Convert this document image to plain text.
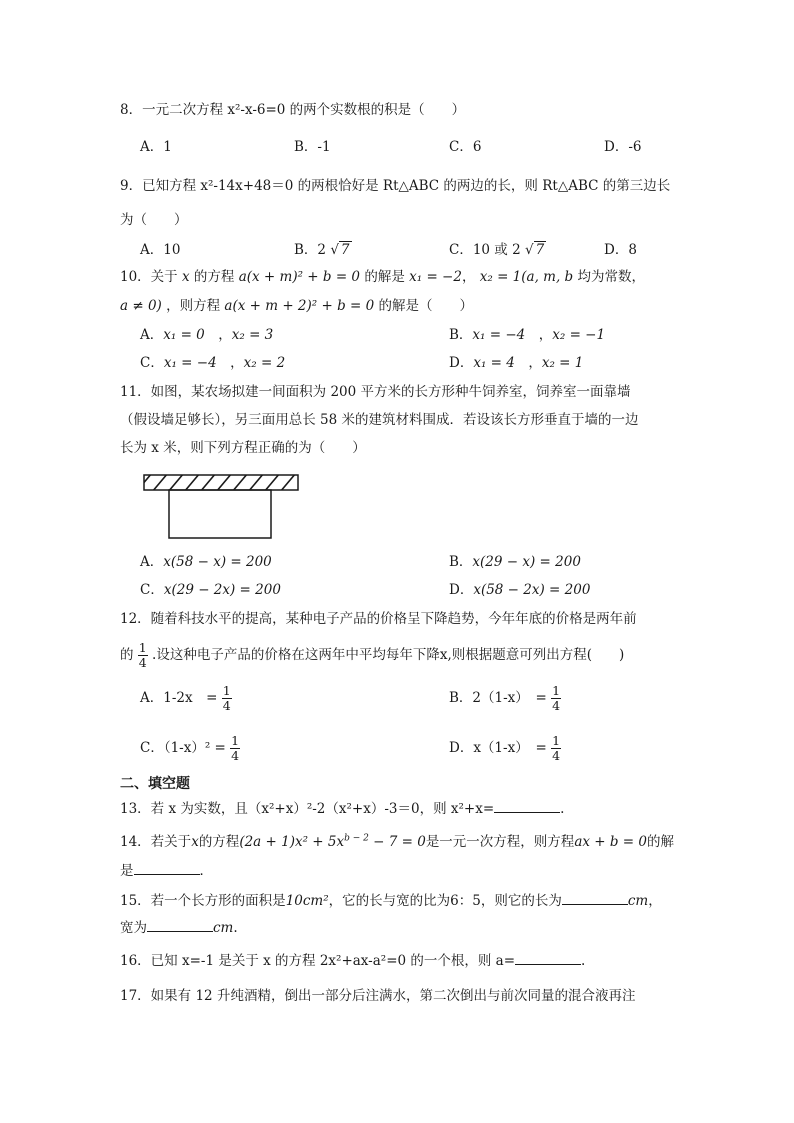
8．一元二次方程 x²-x-6=0 的两个实数根的积是（　　）
A．1	B．-1	C．6	D．-6
9．已知方程 x²-14x+48＝0 的两根恰好是 Rt△ABC 的两边的长，则 Rt△ABC 的第三边长
为（　　）
A．10	B．2 √ 7	C．10 或 2 √ 7	D．8
10．关于 x 的方程 a(x + m)² + b = 0 的解是 x₁ = −2， x₂ = 1(a, m, b 均为常数，
a ≠ 0) ，则方程 a(x + m + 2)² + b = 0 的解是（　　）
A．x₁ = 0　，x₂ = 3	B．x₁ = −4　，x₂ = −1
C．x₁ = −4　，x₂ = 2	D．x₁ = 4　，x₂ = 1
11．如图，某农场拟建一间面积为 200 平方米的长方形种牛饲养室，饲养室一面靠墙
（假设墙足够长），另三面用总长 58 米的建筑材料围成．若设该长方形垂直于墙的一边
长为 x 米，则下列方程正确的为（　　）
A．x(58 − x) = 200	B．x(29 − x) = 200
C．x(29 − 2x) = 200	D．x(58 − 2x) = 200
12．随着科技水平的提高，某种电子产品的价格呈下降趋势，今年年底的价格是两年前
的 $\frac{1}{4}$ .设这种电子产品的价格在这两年中平均每年下降x,则根据题意可列出方程(　　)
A．1-2x　= $\frac{1}{4}$	B．2（1-x）　= $\frac{1}{4}$
C．$(1-x)^2 = \frac{1}{4}$	D．x（1-x）　= $\frac{1}{4}$
二、填空题
13．若 x 为实数，且（x²+x）²-2（x²+x）-3＝0，则 x²+x=	.
14．若关于x的方程$(2a + 1)x^2 + 5x^{b - 2} - 7 = 0$是一元一次方程，则方程ax + b = 0的解
是	．
15．若一个长方形的面积是10cm²，它的长与宽的比为6：5，则它的长为	cm，
宽为	cm.
16．已知 x=-1 是关于 x 的方程 2x²+ax-a²=0 的一个根，则 a=	.
17．如果有 12 升纯酒精，倒出一部分后注满水，第二次倒出与前次同量的混合液再注
